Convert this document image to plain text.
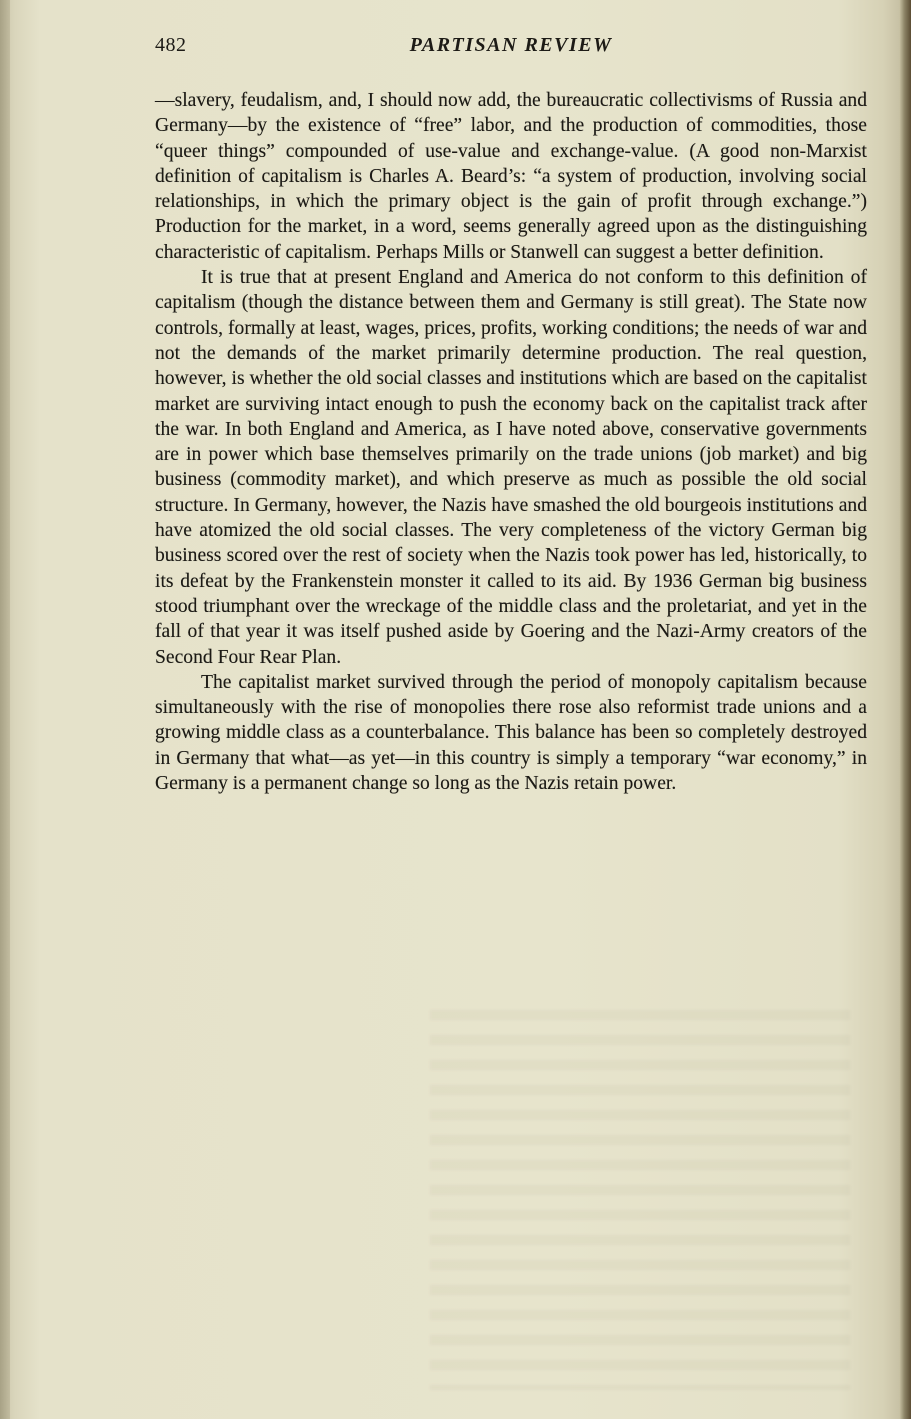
482	PARTISAN REVIEW

—slavery, feudalism, and, I should now add, the bureaucratic collectivisms of Russia and Germany—by the existence of “free” labor, and the production of commodities, those “queer things” compounded of use-value and exchange-value. (A good non-Marxist definition of capitalism is Charles A. Beard’s: “a system of production, involving social relationships, in which the primary object is the gain of profit through exchange.”) Production for the market, in a word, seems generally agreed upon as the distinguishing characteristic of capitalism. Perhaps Mills or Stanwell can suggest a better definition.

It is true that at present England and America do not conform to this definition of capitalism (though the distance between them and Germany is still great). The State now controls, formally at least, wages, prices, profits, working conditions; the needs of war and not the demands of the market primarily determine production. The real question, however, is whether the old social classes and institutions which are based on the capitalist market are surviving intact enough to push the economy back on the capitalist track after the war. In both England and America, as I have noted above, conservative governments are in power which base themselves primarily on the trade unions (job market) and big business (commodity market), and which preserve as much as possible the old social structure. In Germany, however, the Nazis have smashed the old bourgeois institutions and have atomized the old social classes. The very completeness of the victory German big business scored over the rest of society when the Nazis took power has led, historically, to its defeat by the Frankenstein monster it called to its aid. By 1936 German big business stood triumphant over the wreckage of the middle class and the proletariat, and yet in the fall of that year it was itself pushed aside by Goering and the Nazi-Army creators of the Second Four Rear Plan.

The capitalist market survived through the period of monopoly capitalism because simultaneously with the rise of monopolies there rose also reformist trade unions and a growing middle class as a counterbalance. This balance has been so completely destroyed in Germany that what—as yet—in this country is simply a temporary “war economy,” in Germany is a permanent change so long as the Nazis retain power.
